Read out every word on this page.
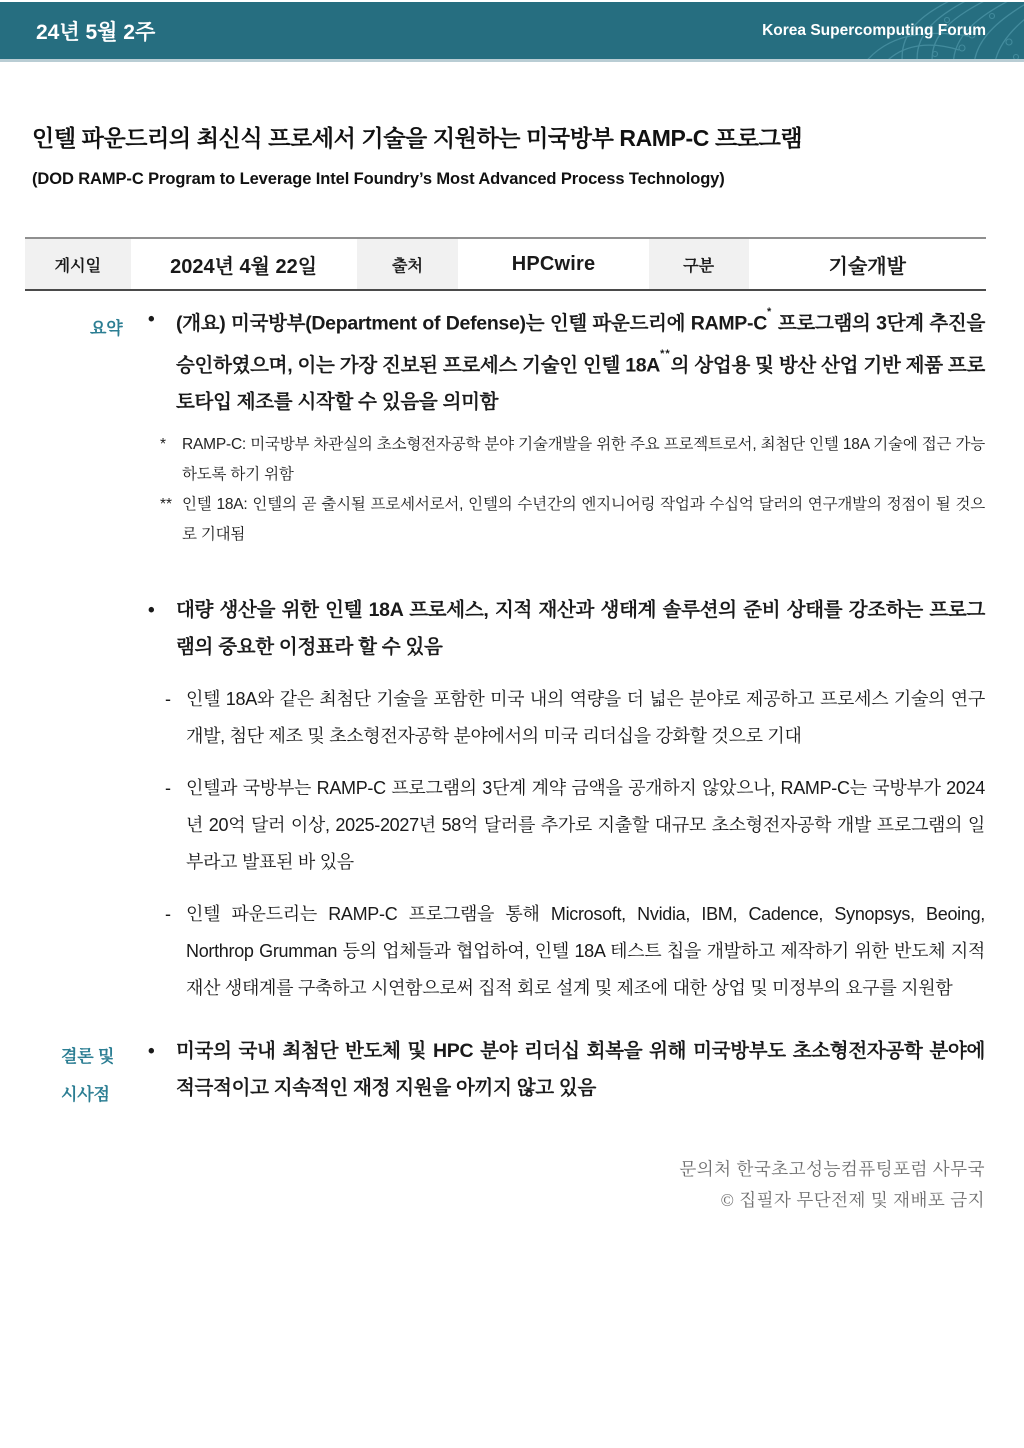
24년 5월 2주	Korea Supercomputing Forum
인텔 파운드리의 최신식 프로세서 기술을 지원하는 미국방부 RAMP-C 프로그램
(DOD RAMP-C Program to Leverage Intel Foundry’s Most Advanced Process Technology)
게시일	2024년 4월 22일	출처	HPCwire	구분	기술개발
요약	•	(개요) 미국방부(Department of Defense)는 인텔 파운드리에 RAMP-C* 프로그램의 3단계 추진을 승인하였으며, 이는 가장 진보된 프로세스 기술인 인텔 18A**의 상업용 및 방산 산업 기반 제품 프로토타입 제조를 시작할 수 있음을 의미함
*	RAMP-C: 미국방부 차관실의 초소형전자공학 분야 기술개발을 위한 주요 프로젝트로서, 최첨단 인텔 18A 기술에 접근 가능하도록 하기 위함
** 인텔 18A: 인텔의 곧 출시될 프로세서로서, 인텔의 수년간의 엔지니어링 작업과 수십억 달러의 연구개발의 정점이 될 것으로 기대됨
•	대량 생산을 위한 인텔 18A 프로세스, 지적 재산과 생태계 솔루션의 준비 상태를 강조하는 프로그램의 중요한 이정표라 할 수 있음
- 인텔 18A와 같은 최첨단 기술을 포함한 미국 내의 역량을 더 넓은 분야로 제공하고 프로세스 기술의 연구개발, 첨단 제조 및 초소형전자공학 분야에서의 미국 리더십을 강화할 것으로 기대
- 인텔과 국방부는 RAMP-C 프로그램의 3단계 계약 금액을 공개하지 않았으나, RAMP-C는 국방부가 2024년 20억 달러 이상, 2025-2027년 58억 달러를 추가로 지출할 대규모 초소형전자공학 개발 프로그램의 일부라고 발표된 바 있음
- 인텔 파운드리는 RAMP-C 프로그램을 통해 Microsoft, Nvidia, IBM, Cadence, Synopsys, Beoing, Northrop Grumman 등의 업체들과 협업하여, 인텔 18A 테스트 칩을 개발하고 제작하기 위한 반도체 지적재산 생태계를 구축하고 시연함으로써 집적 회로 설계 및 제조에 대한 상업 및 미정부의 요구를 지원함
결론 및
시사점
•	미국의 국내 최첨단 반도체 및 HPC 분야 리더십 회복을 위해 미국방부도 초소형전자공학 분야에 적극적이고 지속적인 재정 지원을 아끼지 않고 있음
문의처 한국초고성능컴퓨팅포럼 사무국
© 집필자 무단전제 및 재배포 금지
